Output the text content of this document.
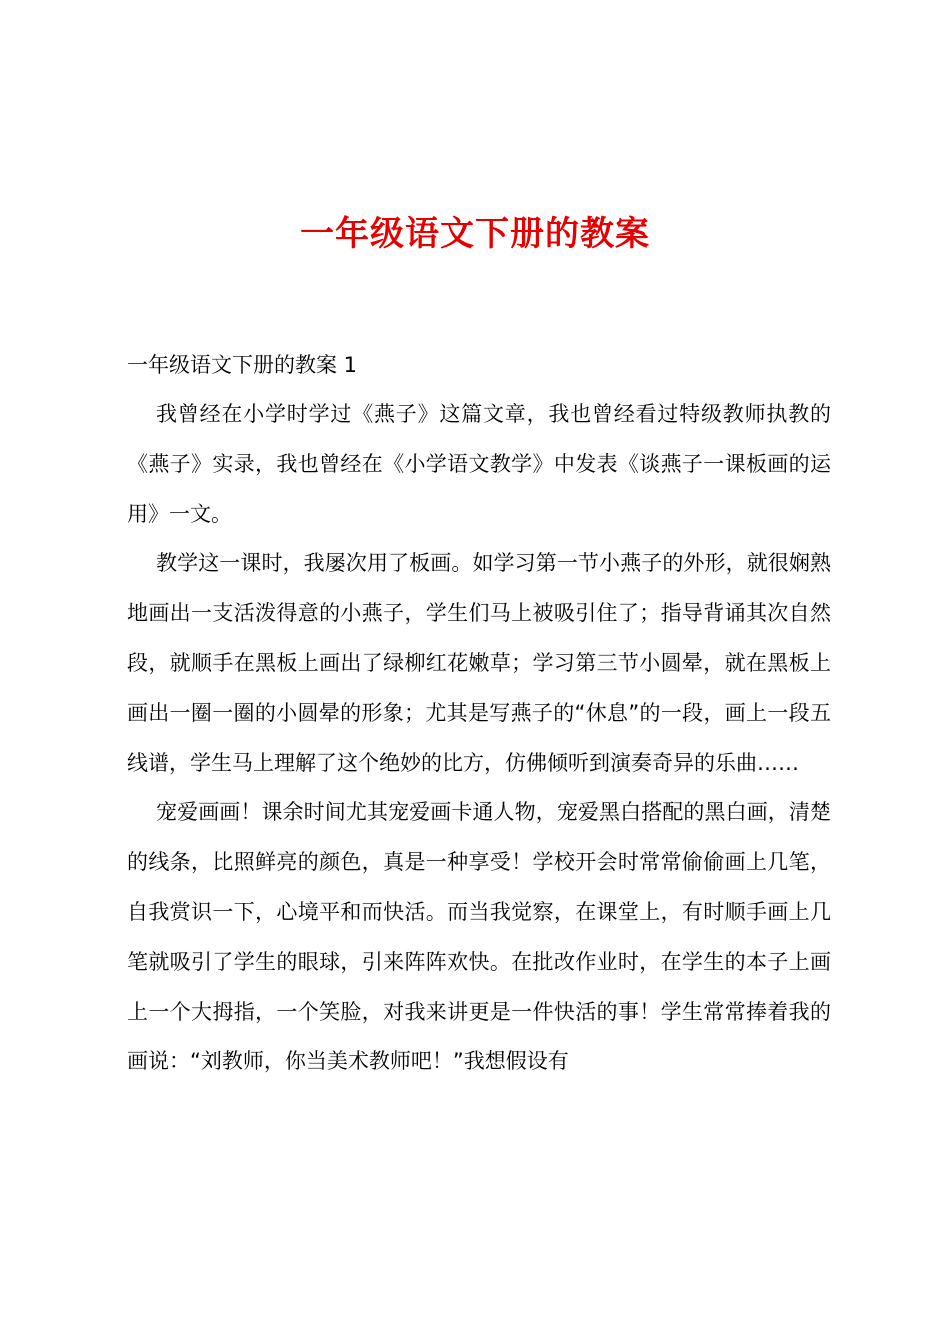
一年级语文下册的教案

一年级语文下册的教案 1

我曾经在小学时学过《燕子》这篇文章，我也曾经看过特级教师执教的《燕子》实录，我也曾经在《小学语文教学》中发表《谈燕子一课板画的运用》一文。

教学这一课时，我屡次用了板画。如学习第一节小燕子的外形，就很娴熟地画出一支活泼得意的小燕子，学生们马上被吸引住了；指导背诵其次自然段，就顺手在黑板上画出了绿柳红花嫩草；学习第三节小圆晕，就在黑板上画出一圈一圈的小圆晕的形象；尤其是写燕子的“休息”的一段，画上一段五线谱，学生马上理解了这个绝妙的比方，仿佛倾听到演奏奇异的乐曲……

宠爱画画！课余时间尤其宠爱画卡通人物，宠爱黑白搭配的黑白画，清楚的线条，比照鲜亮的颜色，真是一种享受！学校开会时常常偷偷画上几笔，自我赏识一下，心境平和而快活。而当我觉察，在课堂上，有时顺手画上几笔就吸引了学生的眼球，引来阵阵欢快。在批改作业时，在学生的本子上画上一个大拇指，一个笑脸，对我来讲更是一件快活的事！学生常常捧着我的画说：“刘教师，你当美术教师吧！”我想假设有
